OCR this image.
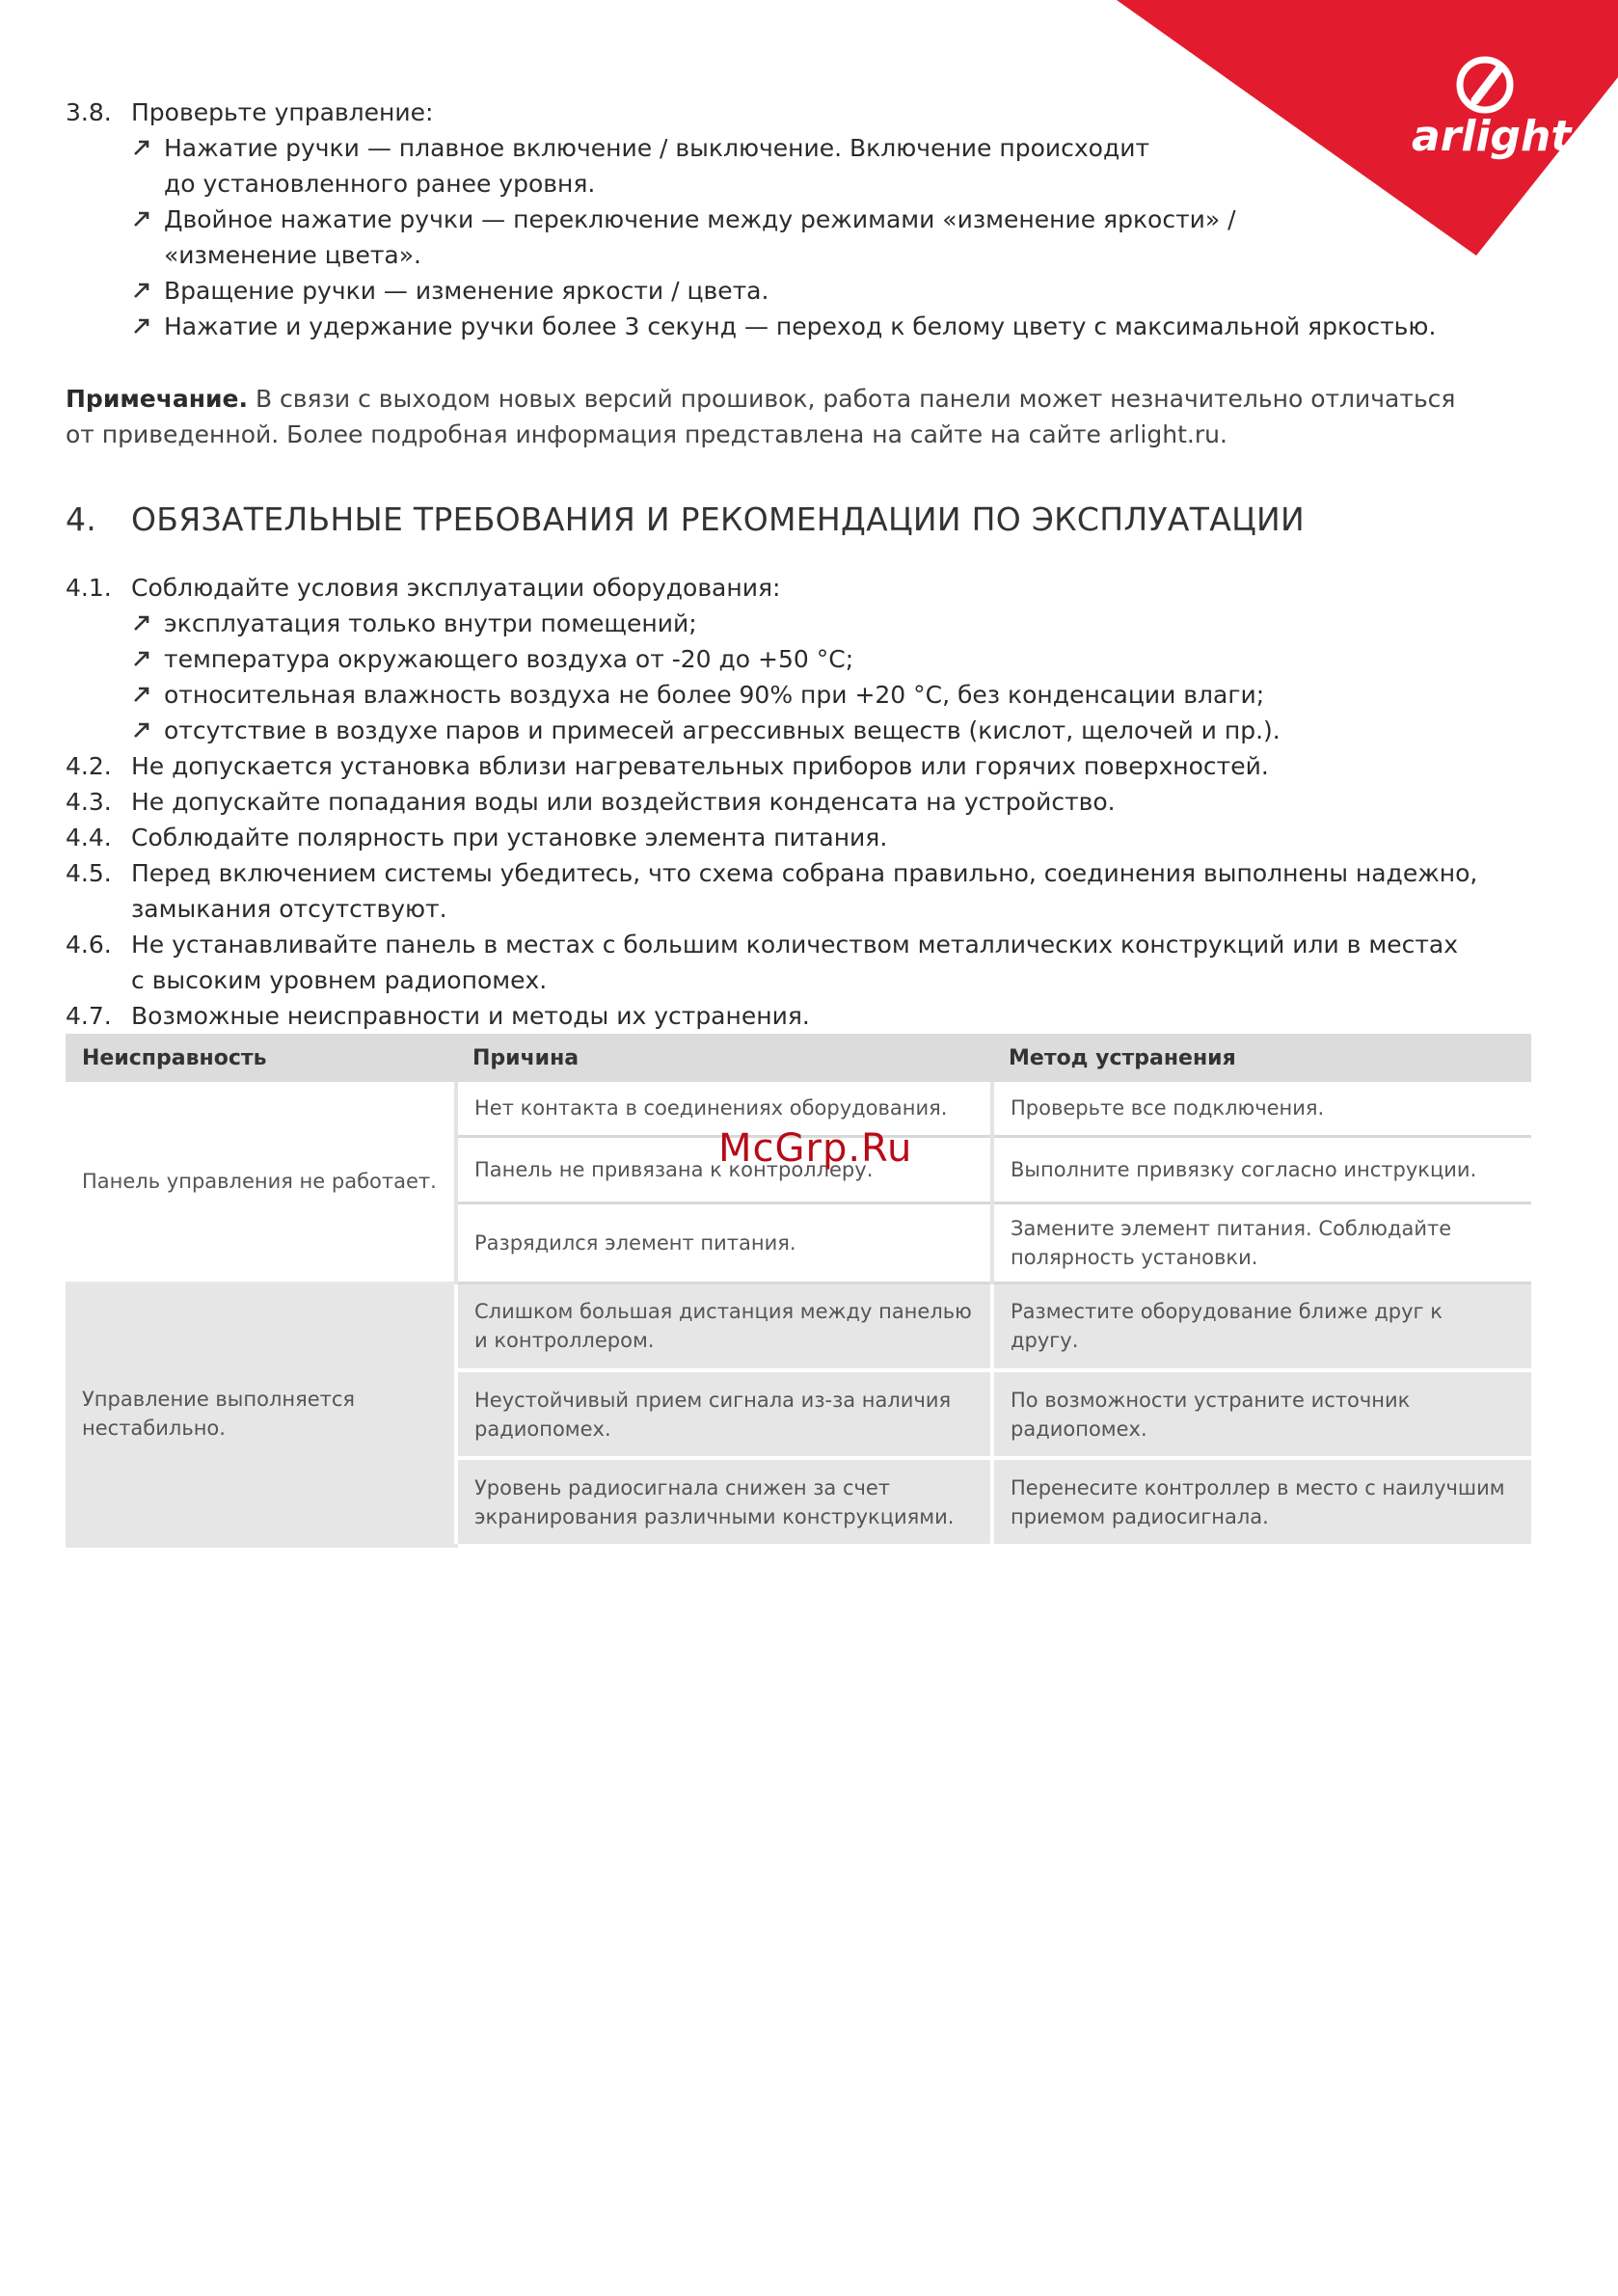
arlight
3.8. Проверьте управление:
Нажатие ручки — плавное включение / выключение. Включение происходит
до установленного ранее уровня.
Двойное нажатие ручки — переключение между режимами «изменение яркости» /
«изменение цвета».
Вращение ручки — изменение яркости / цвета.
Нажатие и удержание ручки более 3 секунд — переход к белому цвету с максимальной яркостью.
Примечание. В связи с выходом новых версий прошивок, работа панели может незначительно отличаться
от приведенной. Более подробная информация представлена на сайте на сайте arlight.ru.
4. ОБЯЗАТЕЛЬНЫЕ ТРЕБОВАНИЯ И РЕКОМЕНДАЦИИ ПО ЭКСПЛУАТАЦИИ
4.1. Соблюдайте условия эксплуатации оборудования:
эксплуатация только внутри помещений;
температура окружающего воздуха от -20 до +50 °C;
относительная влажность воздуха не более 90% при +20 °C, без конденсации влаги;
отсутствие в воздухе паров и примесей агрессивных веществ (кислот, щелочей и пр.).
4.2. Не допускается установка вблизи нагревательных приборов или горячих поверхностей.
4.3. Не допускайте попадания воды или воздействия конденсата на устройство.
4.4. Соблюдайте полярность при установке элемента питания.
4.5. Перед включением системы убедитесь, что схема собрана правильно, соединения выполнены надежно,
замыкания отсутствуют.
4.6. Не устанавливайте панель в местах с большим количеством металлических конструкций или в местах
с высоким уровнем радиопомех.
4.7. Возможные неисправности и методы их устранения.
Неисправность	Причина	Метод устранения
Панель управления не работает.	Нет контакта в соединениях оборудования.	Проверьте все подключения.
	Панель не привязана к контроллеру.	Выполните привязку согласно инструкции.
	Разрядился элемент питания.	Замените элемент питания. Соблюдайте полярность установки.
Управление выполняется нестабильно.	Слишком большая дистанция между панелью и контроллером.	Разместите оборудование ближе друг к другу.
	Неустойчивый прием сигнала из-за наличия радиопомех.	По возможности устраните источник радиопомех.
	Уровень радиосигнала снижен за счет экранирования различными конструкциями.	Перенесите контроллер в место с наилучшим приемом радиосигнала.
McGrp.Ru
